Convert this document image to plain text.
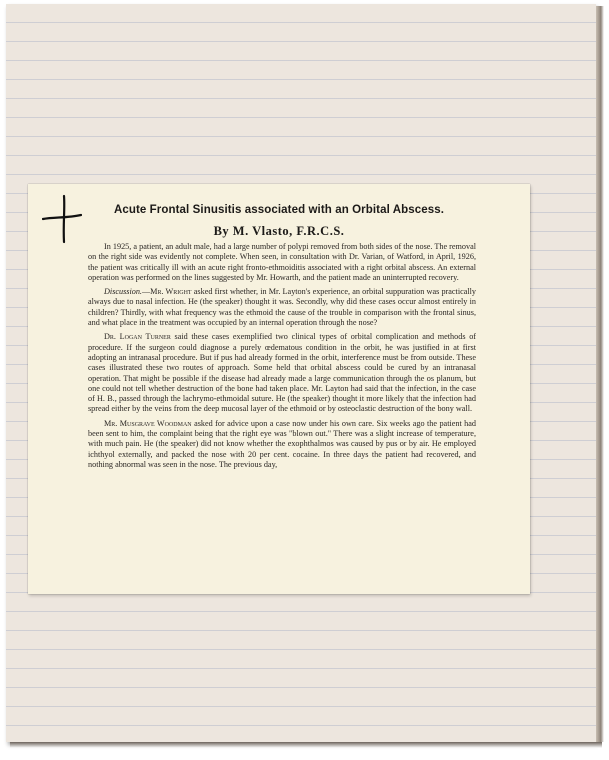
Acute Frontal Sinusitis associated with an Orbital Abscess.
By M. Vlasto, F.R.C.S.

In 1925, a patient, an adult male, had a large number of polypi removed from both sides of the nose. The removal on the right side was evidently not complete. When seen, in consultation with Dr. Varian, of Watford, in April, 1926, the patient was critically ill with an acute right fronto-ethmoiditis associated with a right orbital abscess. An external operation was performed on the lines suggested by Mr. Howarth, and the patient made an uninterrupted recovery.

Discussion.—Mr. Wright asked first whether, in Mr. Layton's experience, an orbital suppuration was practically always due to nasal infection. He (the speaker) thought it was. Secondly, why did these cases occur almost entirely in children? Thirdly, with what frequency was the ethmoid the cause of the trouble in comparison with the frontal sinus, and what place in the treatment was occupied by an internal operation through the nose?

Dr. Logan Turner said these cases exemplified two clinical types of orbital complication and methods of procedure. If the surgeon could diagnose a purely œdematous condition in the orbit, he was justified in at first adopting an intranasal procedure. But if pus had already formed in the orbit, interference must be from outside. These cases illustrated these two routes of approach. Some held that orbital abscess could be cured by an intranasal operation. That might be possible if the disease had already made a large communication through the os planum, but one could not tell whether destruction of the bone had taken place. Mr. Layton had said that the infection, in the case of H. B., passed through the lachrymo-ethmoidal suture. He (the speaker) thought it more likely that the infection had spread either by the veins from the deep mucosal layer of the ethmoid or by osteoclastic destruction of the bony wall.

Mr. Musgrave Woodman asked for advice upon a case now under his own care. Six weeks ago the patient had been sent to him, the complaint being that the right eye was "blown out." There was a slight increase of temperature, with much pain. He (the speaker) did not know whether the exophthalmos was caused by pus or by air. He employed ichthyol externally, and packed the nose with 20 per cent. cocaine. In three days the patient had recovered, and nothing abnormal was seen in the nose. The previous day,
